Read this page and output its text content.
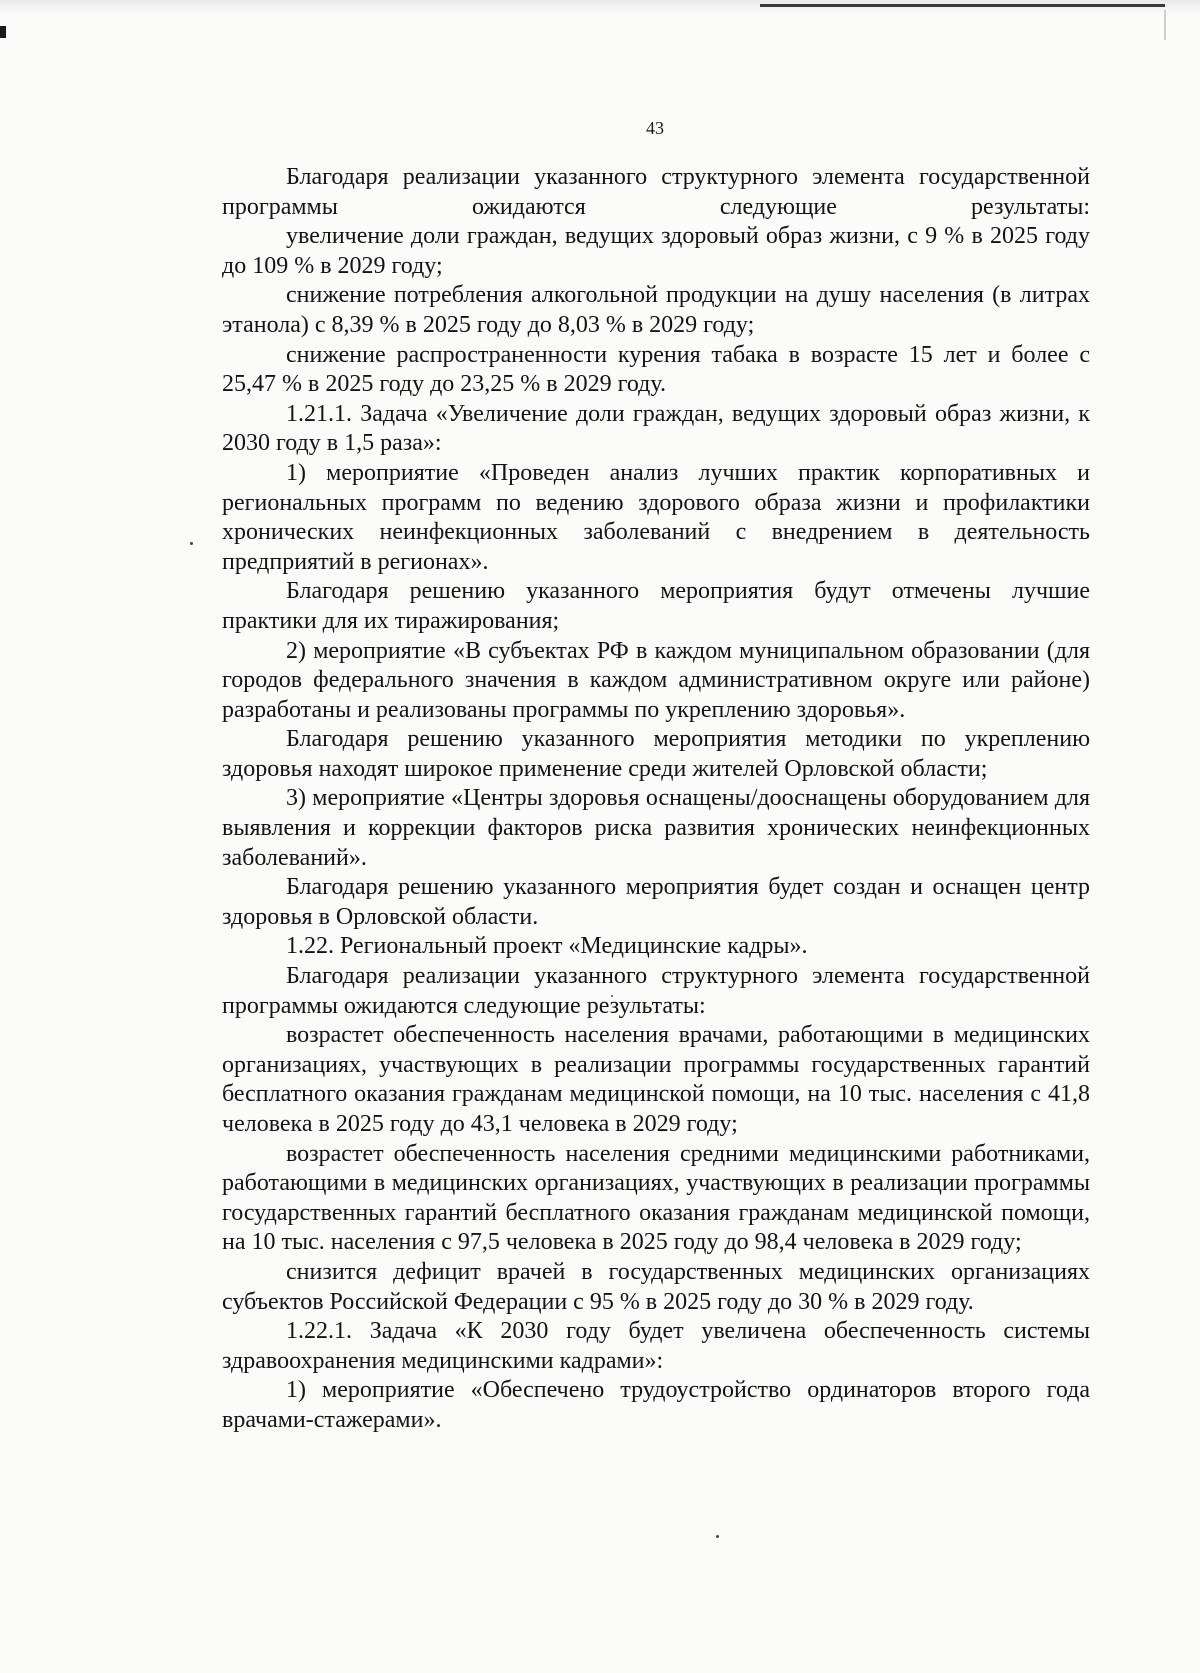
43

Благодаря реализации указанного структурного элемента государственной программы ожидаются следующие результаты:

увеличение доли граждан, ведущих здоровый образ жизни, с 9 % в 2025 году до 109 % в 2029 году;

снижение потребления алкогольной продукции на душу населения (в литрах этанола) с 8,39 % в 2025 году до 8,03 % в 2029 году;

снижение распространенности курения табака в возрасте 15 лет и более с 25,47 % в 2025 году до 23,25 % в 2029 году.

1.21.1. Задача «Увеличение доли граждан, ведущих здоровый образ жизни, к 2030 году в 1,5 раза»:

1) мероприятие «Проведен анализ лучших практик корпоративных и региональных программ по ведению здорового образа жизни и профилактики хронических неинфекционных заболеваний с внедрением в деятельность предприятий в регионах».

Благодаря решению указанного мероприятия будут отмечены лучшие практики для их тиражирования;

2) мероприятие «В субъектах РФ в каждом муниципальном образовании (для городов федерального значения в каждом административном округе или районе) разработаны и реализованы программы по укреплению здоровья».

Благодаря решению указанного мероприятия методики по укреплению здоровья находят широкое применение среди жителей Орловской области;

3) мероприятие «Центры здоровья оснащены/дооснащены оборудованием для выявления и коррекции факторов риска развития хронических неинфекционных заболеваний».

Благодаря решению указанного мероприятия будет создан и оснащен центр здоровья в Орловской области.

1.22. Региональный проект «Медицинские кадры».

Благодаря реализации указанного структурного элемента государственной программы ожидаются следующие результаты:

возрастет обеспеченность населения врачами, работающими в медицинских организациях, участвующих в реализации программы государственных гарантий бесплатного оказания гражданам медицинской помощи, на 10 тыс. населения с 41,8 человека в 2025 году до 43,1 человека в 2029 году;

возрастет обеспеченность населения средними медицинскими работниками, работающими в медицинских организациях, участвующих в реализации программы государственных гарантий бесплатного оказания гражданам медицинской помощи, на 10 тыс. населения с 97,5 человека в 2025 году до 98,4 человека в 2029 году;

снизится дефицит врачей в государственных медицинских организациях субъектов Российской Федерации с 95 % в 2025 году до 30 % в 2029 году.

1.22.1. Задача «К 2030 году будет увеличена обеспеченность системы здравоохранения медицинскими кадрами»:

1) мероприятие «Обеспечено трудоустройство ординаторов второго года врачами-стажерами».
